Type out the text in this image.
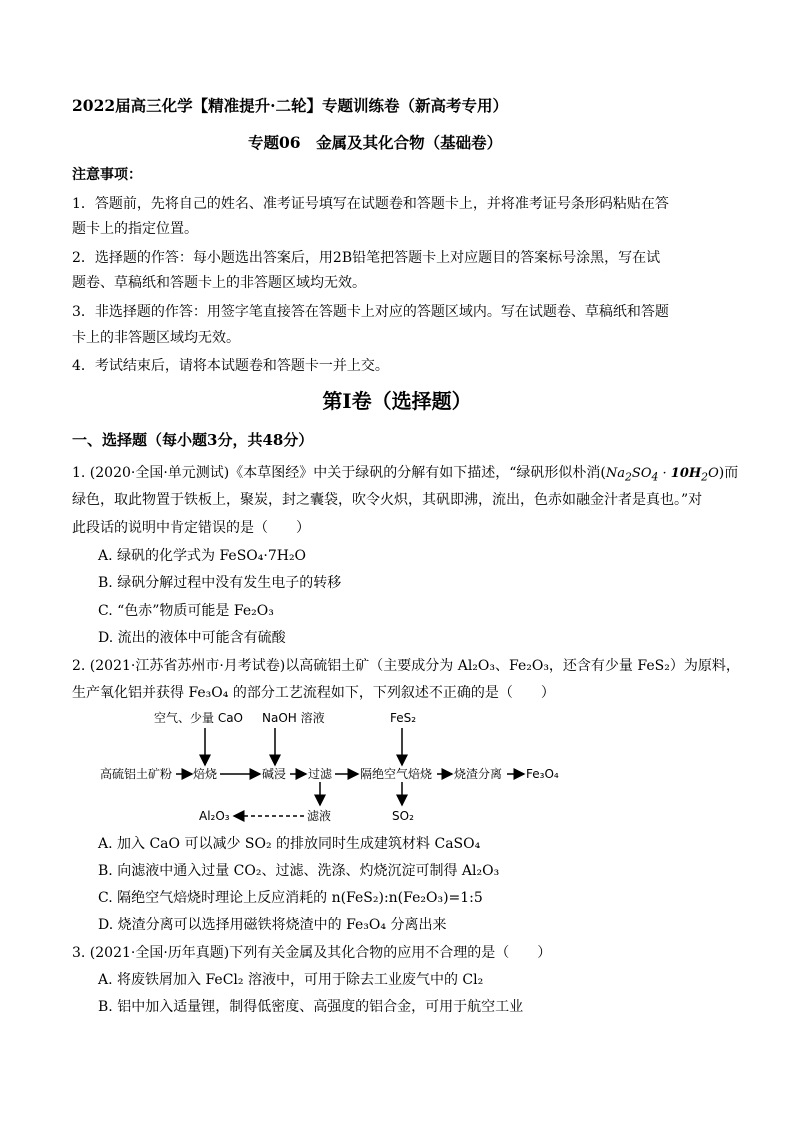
2022届高三化学【精准提升·二轮】专题训练卷（新高考专用）
专题06　金属及其化合物（基础卷）
注意事项：
1．答题前，先将自己的姓名、准考证号填写在试题卷和答题卡上，并将准考证号条形码粘贴在答
题卡上的指定位置。
2．选择题的作答：每小题选出答案后，用2B铅笔把答题卡上对应题目的答案标号涂黑，写在试
题卷、草稿纸和答题卡上的非答题区域均无效。
3．非选择题的作答：用签字笔直接答在答题卡上对应的答题区域内。写在试题卷、草稿纸和答题
卡上的非答题区域均无效。
4．考试结束后，请将本试题卷和答题卡一并上交。
第Ⅰ卷（选择题）
一、选择题（每小题3分，共48分）
1. (2020·全国·单元测试)《本草图经》中关于绿矾的分解有如下描述，“绿矾形似朴消$(Na_2SO_4 \cdot 10H_2O)$而
绿色，取此物置于铁板上，聚炭，封之囊袋，吹令火炽，其矾即沸，流出，色赤如融金汁者是真也。”对
此段话的说明中肯定错误的是（　　）
A. 绿矾的化学式为 FeSO₄·7H₂O
B. 绿矾分解过程中没有发生电子的转移
C. “色赤”物质可能是 Fe₂O₃
D. 流出的液体中可能含有硫酸
2. (2021·江苏省苏州市·月考试卷)以高硫铝土矿（主要成分为 Al₂O₃、Fe₂O₃，还含有少量 FeS₂）为原料，
生产氧化铝并获得 Fe₃O₄ 的部分工艺流程如下，下列叙述不正确的是（　　）
空气、少量 CaO NaOH 溶液	FeS₂
高硫铝土矿粉 焙烧	碱浸 过滤 隔绝空气焙烧 烧渣分离 Fe₃O₄
Al₂O₃	滤液	SO₂
A. 加入 CaO 可以减少 SO₂ 的排放同时生成建筑材料 CaSO₄
B. 向滤液中通入过量 CO₂、过滤、洗涤、灼烧沉淀可制得 Al₂O₃
C. 隔绝空气焙烧时理论上反应消耗的 n(FeS₂):n(Fe₂O₃)=1:5
D. 烧渣分离可以选择用磁铁将烧渣中的 Fe₃O₄ 分离出来
3. (2021·全国·历年真题)下列有关金属及其化合物的应用不合理的是（　　）
A. 将废铁屑加入 FeCl₂ 溶液中，可用于除去工业废气中的 Cl₂
B. 铝中加入适量锂，制得低密度、高强度的铝合金，可用于航空工业
